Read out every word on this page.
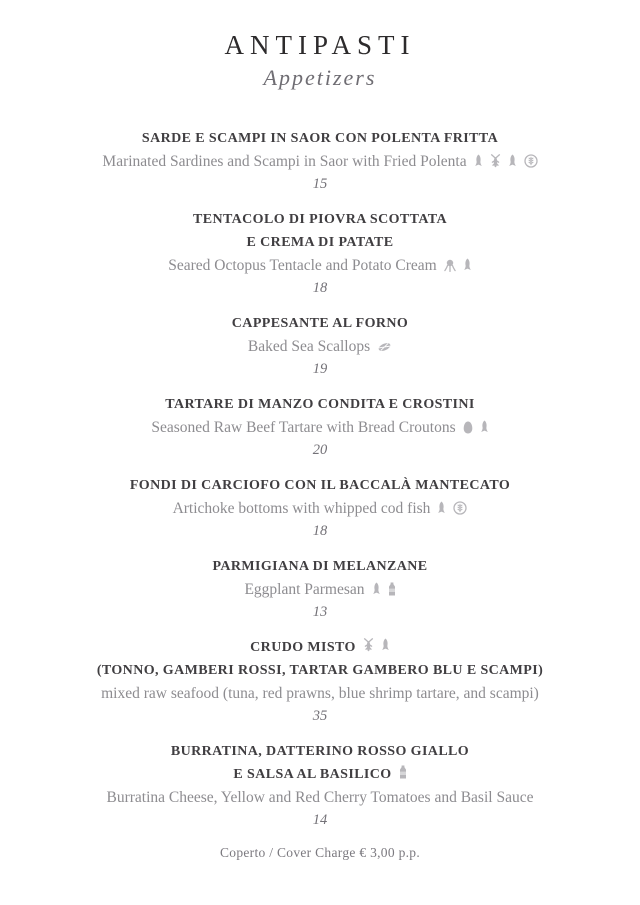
ANTIPASTI
Appetizers
SARDE E SCAMPI IN SAOR CON POLENTA FRITTA
Marinated Sardines and Scampi in Saor with Fried Polenta
15
TENTACOLO DI PIOVRA SCOTTATA
E CREMA DI PATATE
Seared Octopus Tentacle and Potato Cream
18
CAPPESANTE AL FORNO
Baked Sea Scallops
19
TARTARE DI MANZO CONDITA E CROSTINI
Seasoned Raw Beef Tartare with Bread Croutons
20
FONDI DI CARCIOFO CON IL BACCALÀ MANTECATO
Artichoke bottoms with whipped cod fish
18
PARMIGIANA DI MELANZANE
Eggplant Parmesan
13
CRUDO MISTO
(TONNO, GAMBERI ROSSI, TARTAR GAMBERO BLU E SCAMPI)
mixed raw seafood (tuna, red prawns, blue shrimp tartare, and scampi)
35
BURRATINA, DATTERINO ROSSO GIALLO
E SALSA AL BASILICO
Burratina Cheese, Yellow and Red Cherry Tomatoes and Basil Sauce
14
Coperto / Cover Charge € 3,00 p.p.
